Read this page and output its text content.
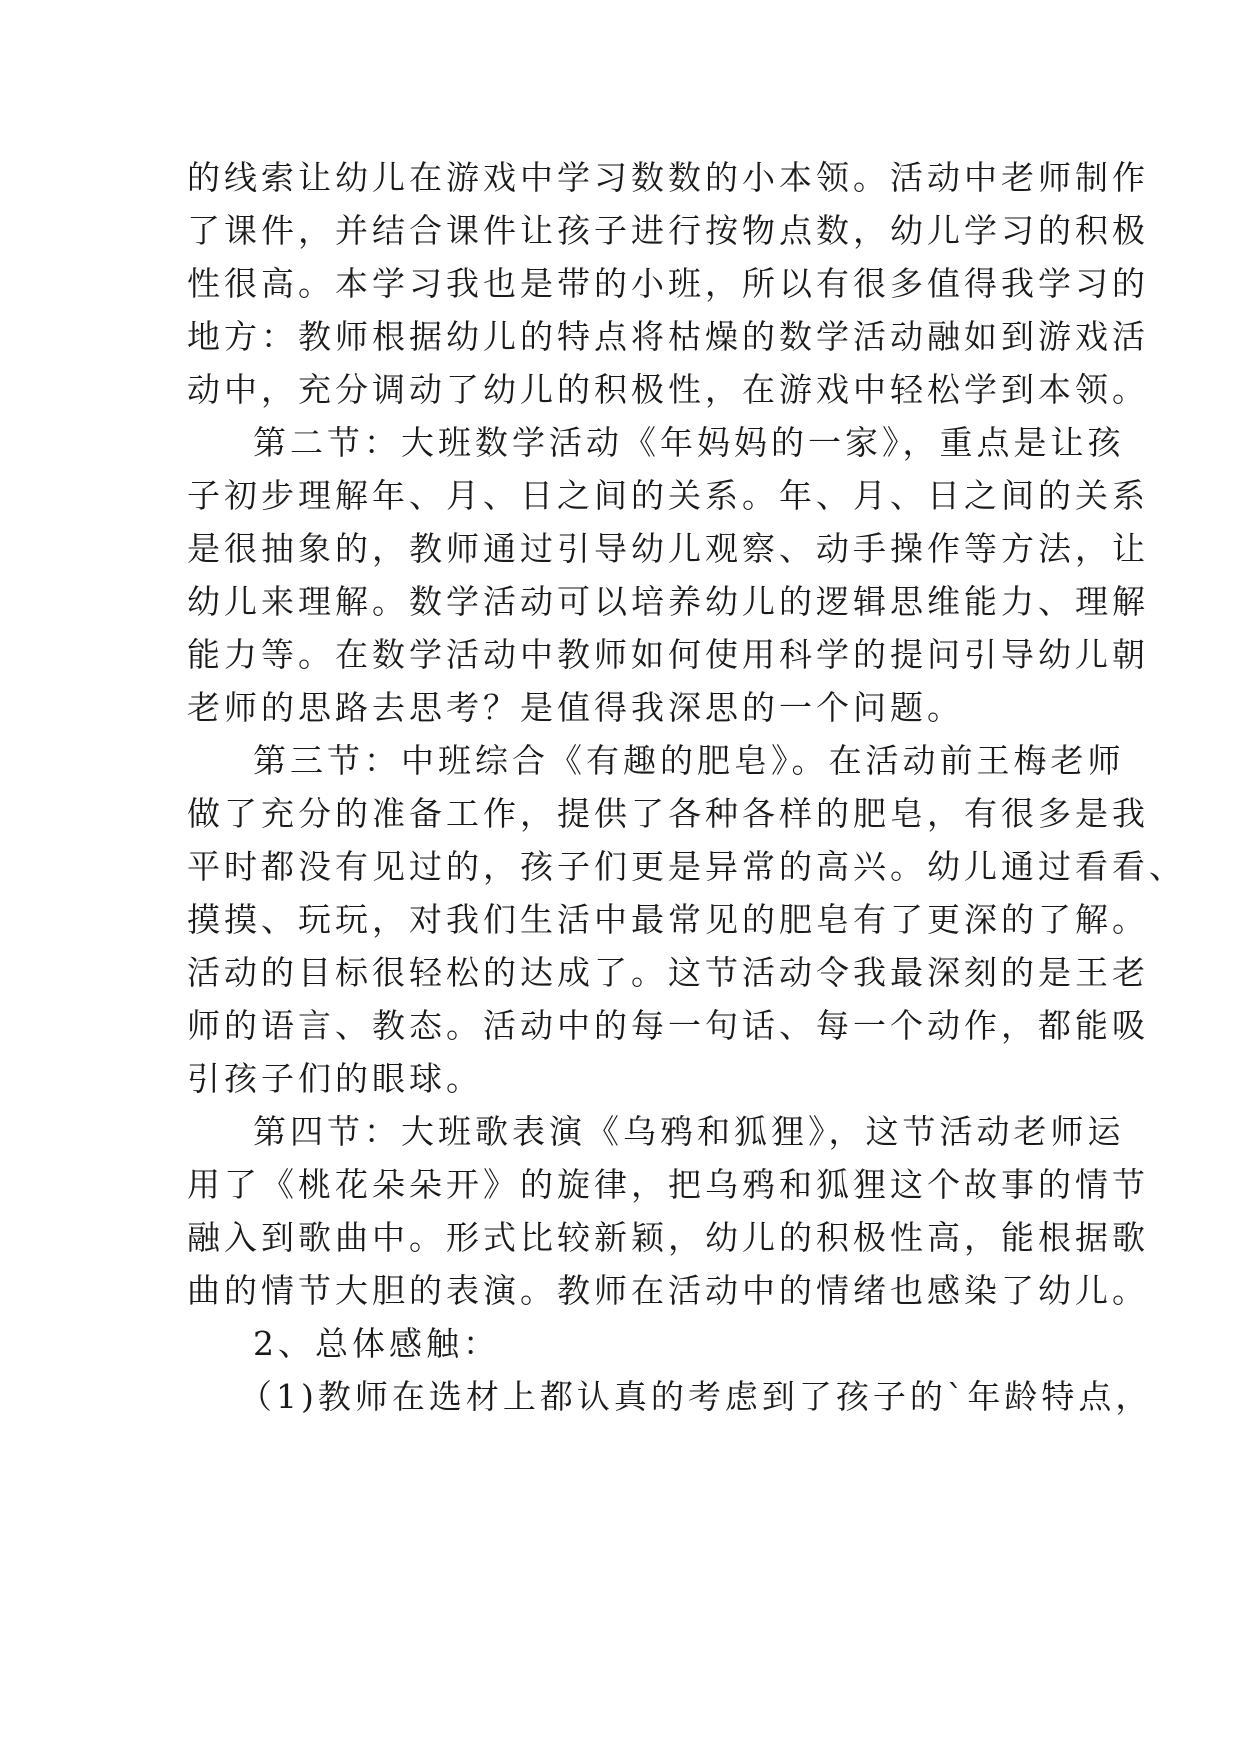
的线索让幼儿在游戏中学习数数的小本领。活动中老师制作
了课件，并结合课件让孩子进行按物点数，幼儿学习的积极
性很高。本学习我也是带的小班，所以有很多值得我学习的
地方：教师根据幼儿的特点将枯燥的数学活动融如到游戏活
动中，充分调动了幼儿的积极性，在游戏中轻松学到本领。
第二节：大班数学活动《年妈妈的一家》，重点是让孩
子初步理解年、月、日之间的关系。年、月、日之间的关系
是很抽象的，教师通过引导幼儿观察、动手操作等方法，让
幼儿来理解。数学活动可以培养幼儿的逻辑思维能力、理解
能力等。在数学活动中教师如何使用科学的提问引导幼儿朝
老师的思路去思考？是值得我深思的一个问题。
第三节：中班综合《有趣的肥皂》。在活动前王梅老师
做了充分的准备工作，提供了各种各样的肥皂，有很多是我
平时都没有见过的，孩子们更是异常的高兴。幼儿通过看看、
摸摸、玩玩，对我们生活中最常见的肥皂有了更深的了解。
活动的目标很轻松的达成了。这节活动令我最深刻的是王老
师的语言、教态。活动中的每一句话、每一个动作，都能吸
引孩子们的眼球。
第四节：大班歌表演《乌鸦和狐狸》，这节活动老师运
用了《桃花朵朵开》的旋律，把乌鸦和狐狸这个故事的情节
融入到歌曲中。形式比较新颖，幼儿的积极性高，能根据歌
曲的情节大胆的表演。教师在活动中的情绪也感染了幼儿。
2、总体感触：
（1)教师在选材上都认真的考虑到了孩子的`年龄特点，
